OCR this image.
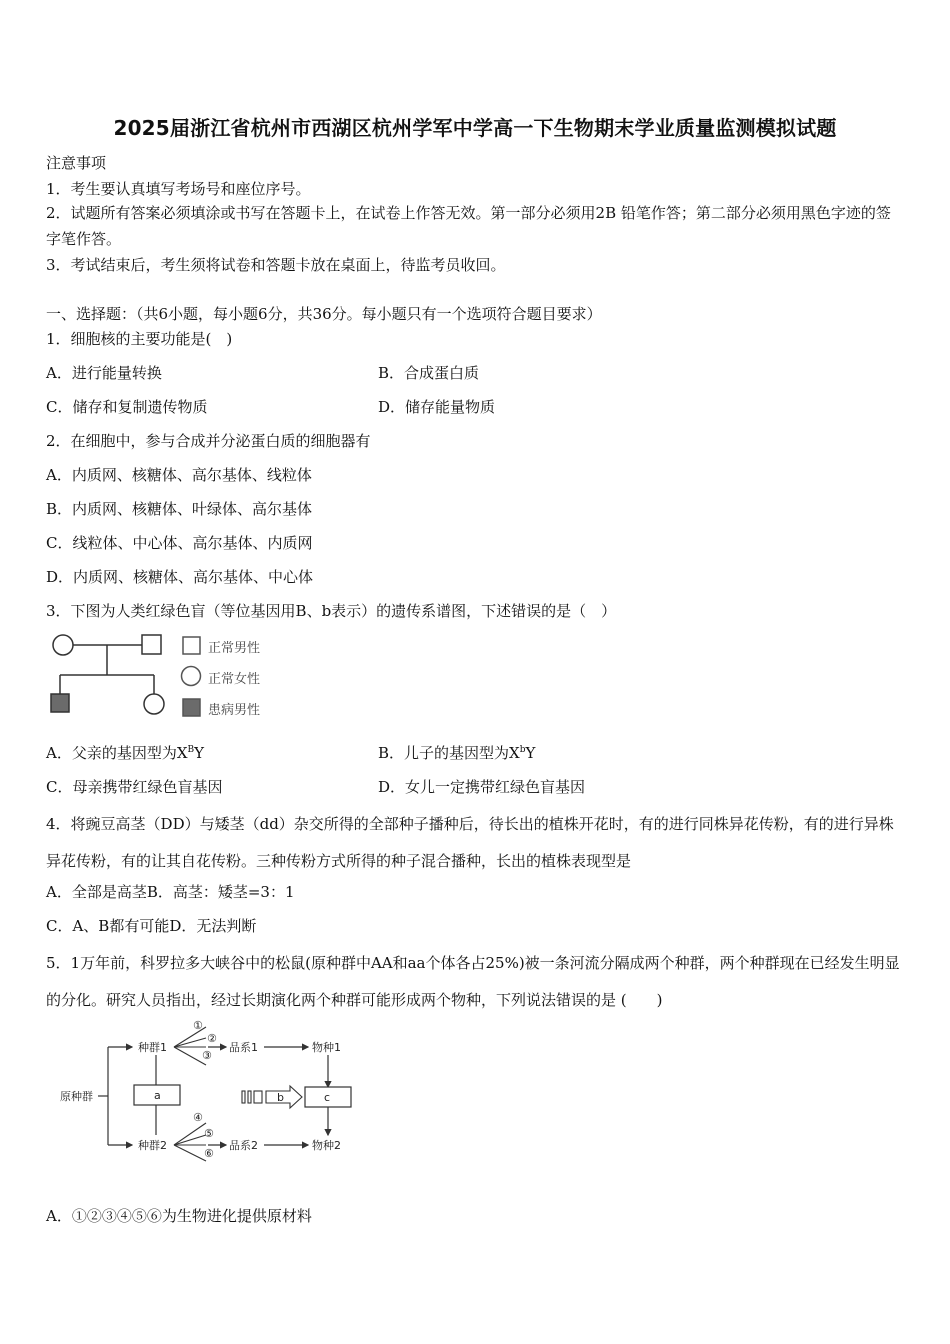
2025届浙江省杭州市西湖区杭州学军中学高一下生物期末学业质量监测模拟试题
注意事项
1．考生要认真填写考场号和座位序号。
2．试题所有答案必须填涂或书写在答题卡上，在试卷上作答无效。第一部分必须用2B 铅笔作答；第二部分必须用黑色字迹的签字笔作答。
3．考试结束后，考生须将试卷和答题卡放在桌面上，待监考员收回。
一、选择题：（共6小题，每小题6分，共36分。每小题只有一个选项符合题目要求）
1．细胞核的主要功能是(　)
A．进行能量转换	B．合成蛋白质
C．储存和复制遗传物质	D．储存能量物质
2．在细胞中，参与合成并分泌蛋白质的细胞器有
A．内质网、核糖体、高尔基体、线粒体
B．内质网、核糖体、叶绿体、高尔基体
C．线粒体、中心体、高尔基体、内质网
D．内质网、核糖体、高尔基体、中心体
3．下图为人类红绿色盲（等位基因用B、b表示）的遗传系谱图，下述错误的是（　）
正常男性
正常女性
患病男性
A．父亲的基因型为$X^BY$	B．儿子的基因型为$X^bY$
C．母亲携带红绿色盲基因	D．女儿一定携带红绿色盲基因
4．将豌豆高茎（DD）与矮茎（dd）杂交所得的全部种子播种后，待长出的植株开花时，有的进行同株异花传粉，有的进行异株异花传粉，有的让其自花传粉。三种传粉方式所得的种子混合播种，长出的植株表现型是
A．全部是高茎B．高茎：矮茎=3：1
C．A、B都有可能D．无法判断
5．1万年前，科罗拉多大峡谷中的松鼠(原种群中AA和aa个体各占25%)被一条河流分隔成两个种群，两个种群现在已经发生明显的分化。研究人员指出，经过长期演化两个种群可能形成两个物种，下列说法错误的是 (　　)
原种群
种群1
种群2
a
①
②
③
品系1	物种1
④
⑤
⑥
品系2	物种2
b	c
A．①②③④⑤⑥为生物进化提供原材料
